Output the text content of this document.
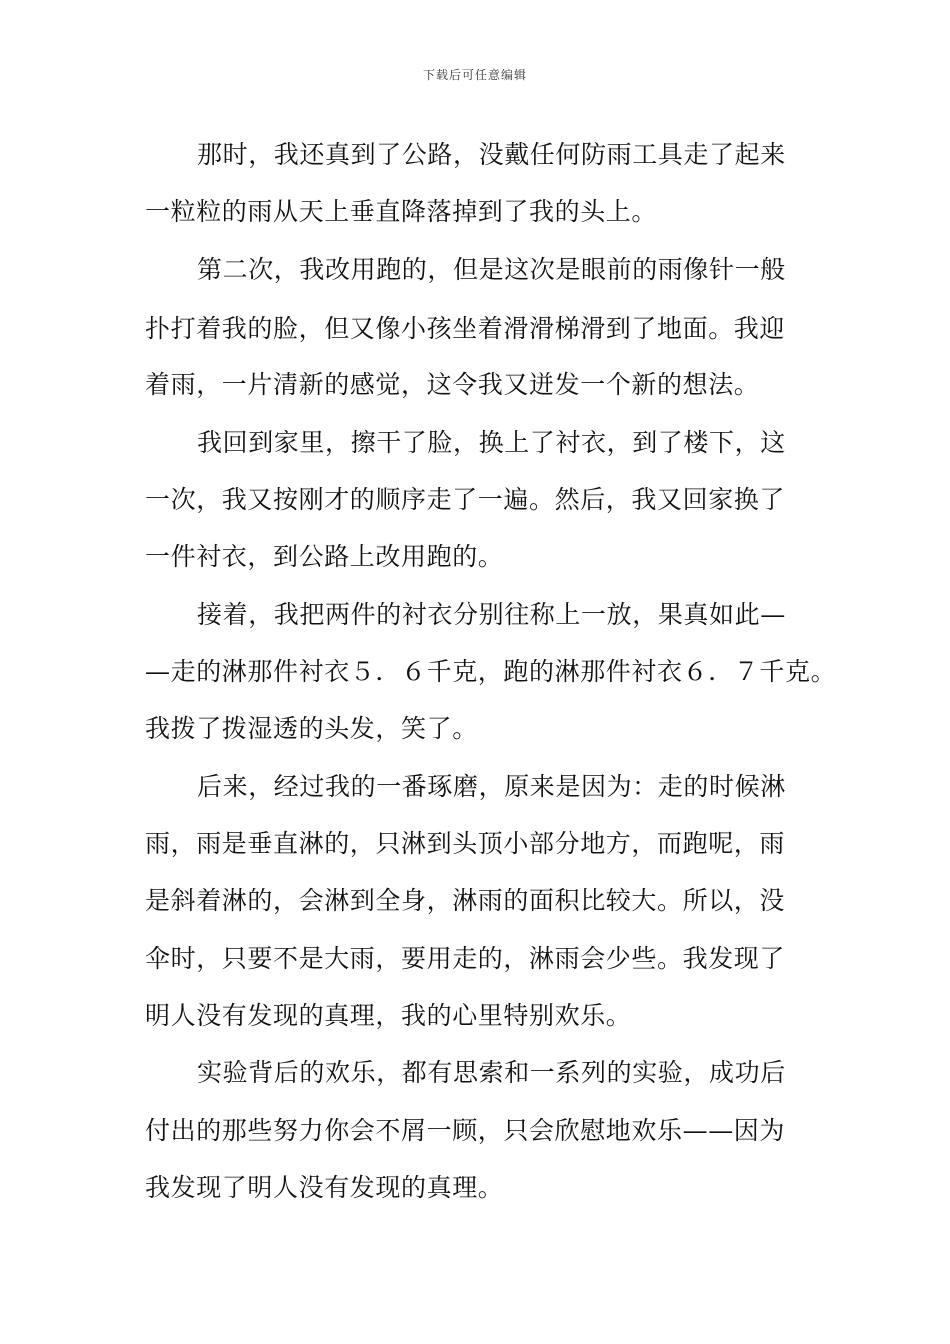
下载后可任意编辑
那时，我还真到了公路，没戴任何防雨工具走了起来
一粒粒的雨从天上垂直降落掉到了我的头上。
第二次，我改用跑的，但是这次是眼前的雨像针一般
扑打着我的脸，但又像小孩坐着滑滑梯滑到了地面。我迎
着雨，一片清新的感觉，这令我又迸发一个新的想法。
我回到家里，擦干了脸，换上了衬衣，到了楼下，这
一次，我又按刚才的顺序走了一遍。然后，我又回家换了
一件衬衣，到公路上改用跑的。
接着，我把两件的衬衣分别往称上一放，果真如此—
—走的淋那件衬衣５．６千克，跑的淋那件衬衣６．７千克。
我拨了拨湿透的头发，笑了。
后来，经过我的一番琢磨，原来是因为：走的时候淋
雨，雨是垂直淋的，只淋到头顶小部分地方，而跑呢，雨
是斜着淋的，会淋到全身，淋雨的面积比较大。所以，没
伞时，只要不是大雨，要用走的，淋雨会少些。我发现了
明人没有发现的真理，我的心里特别欢乐。
实验背后的欢乐，都有思索和一系列的实验，成功后
付出的那些努力你会不屑一顾，只会欣慰地欢乐——因为
我发现了明人没有发现的真理。
